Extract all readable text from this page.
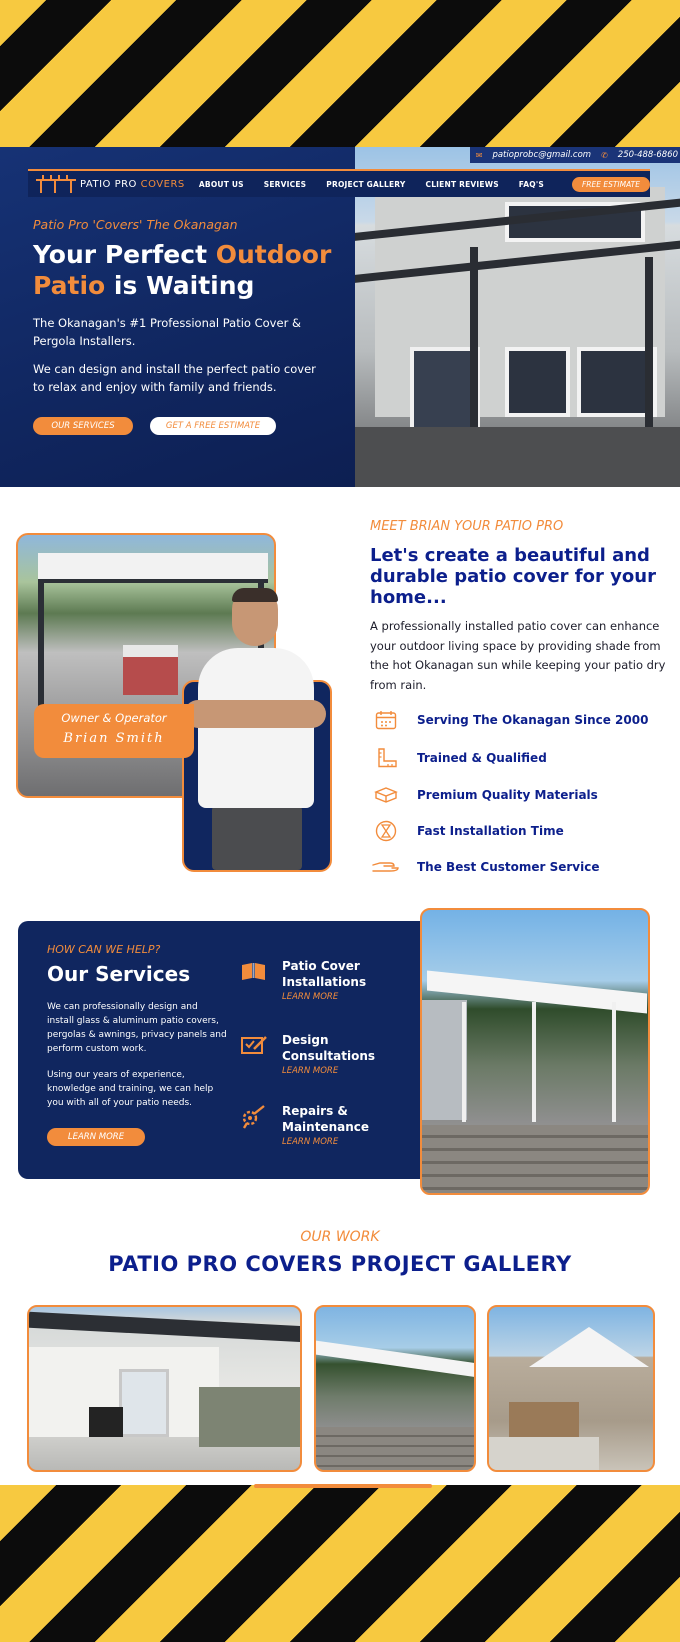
✉ patioprobc@gmail.com ✆ 250-488-6860
PATIO PRO COVERS	ABOUT US	SERVICES	PROJECT GALLERY	CLIENT REVIEWS	FAQ'S	FREE ESTIMATE
Patio Pro 'Covers' The Okanagan
Your Perfect Outdoor
Patio is Waiting

The Okanagan's #1 Professional Patio Cover & Pergola Installers.

We can design and install the perfect patio cover to relax and enjoy with family and friends.

OUR SERVICES	GET A FREE ESTIMATE
Owner & Operator
Brian Smith
MEET BRIAN YOUR PATIO PRO
Let's create a beautiful and durable patio cover for your home...

A professionally installed patio cover can enhance your outdoor living space by providing shade from the hot Okanagan sun while keeping your patio dry from rain.

Serving The Okanagan Since 2000
Trained & Qualified
Premium Quality Materials
Fast Installation Time
The Best Customer Service
HOW CAN WE HELP?
Our Services

We can professionally design and install glass & aluminum patio covers, pergolas & awnings, privacy panels and perform custom work.

Using our years of experience, knowledge and training, we can help you with all of your patio needs.

LEARN MORE
Patio Cover Installations
LEARN MORE
Design Consultations
LEARN MORE
Repairs & Maintenance
LEARN MORE
OUR WORK
PATIO PRO COVERS PROJECT GALLERY
